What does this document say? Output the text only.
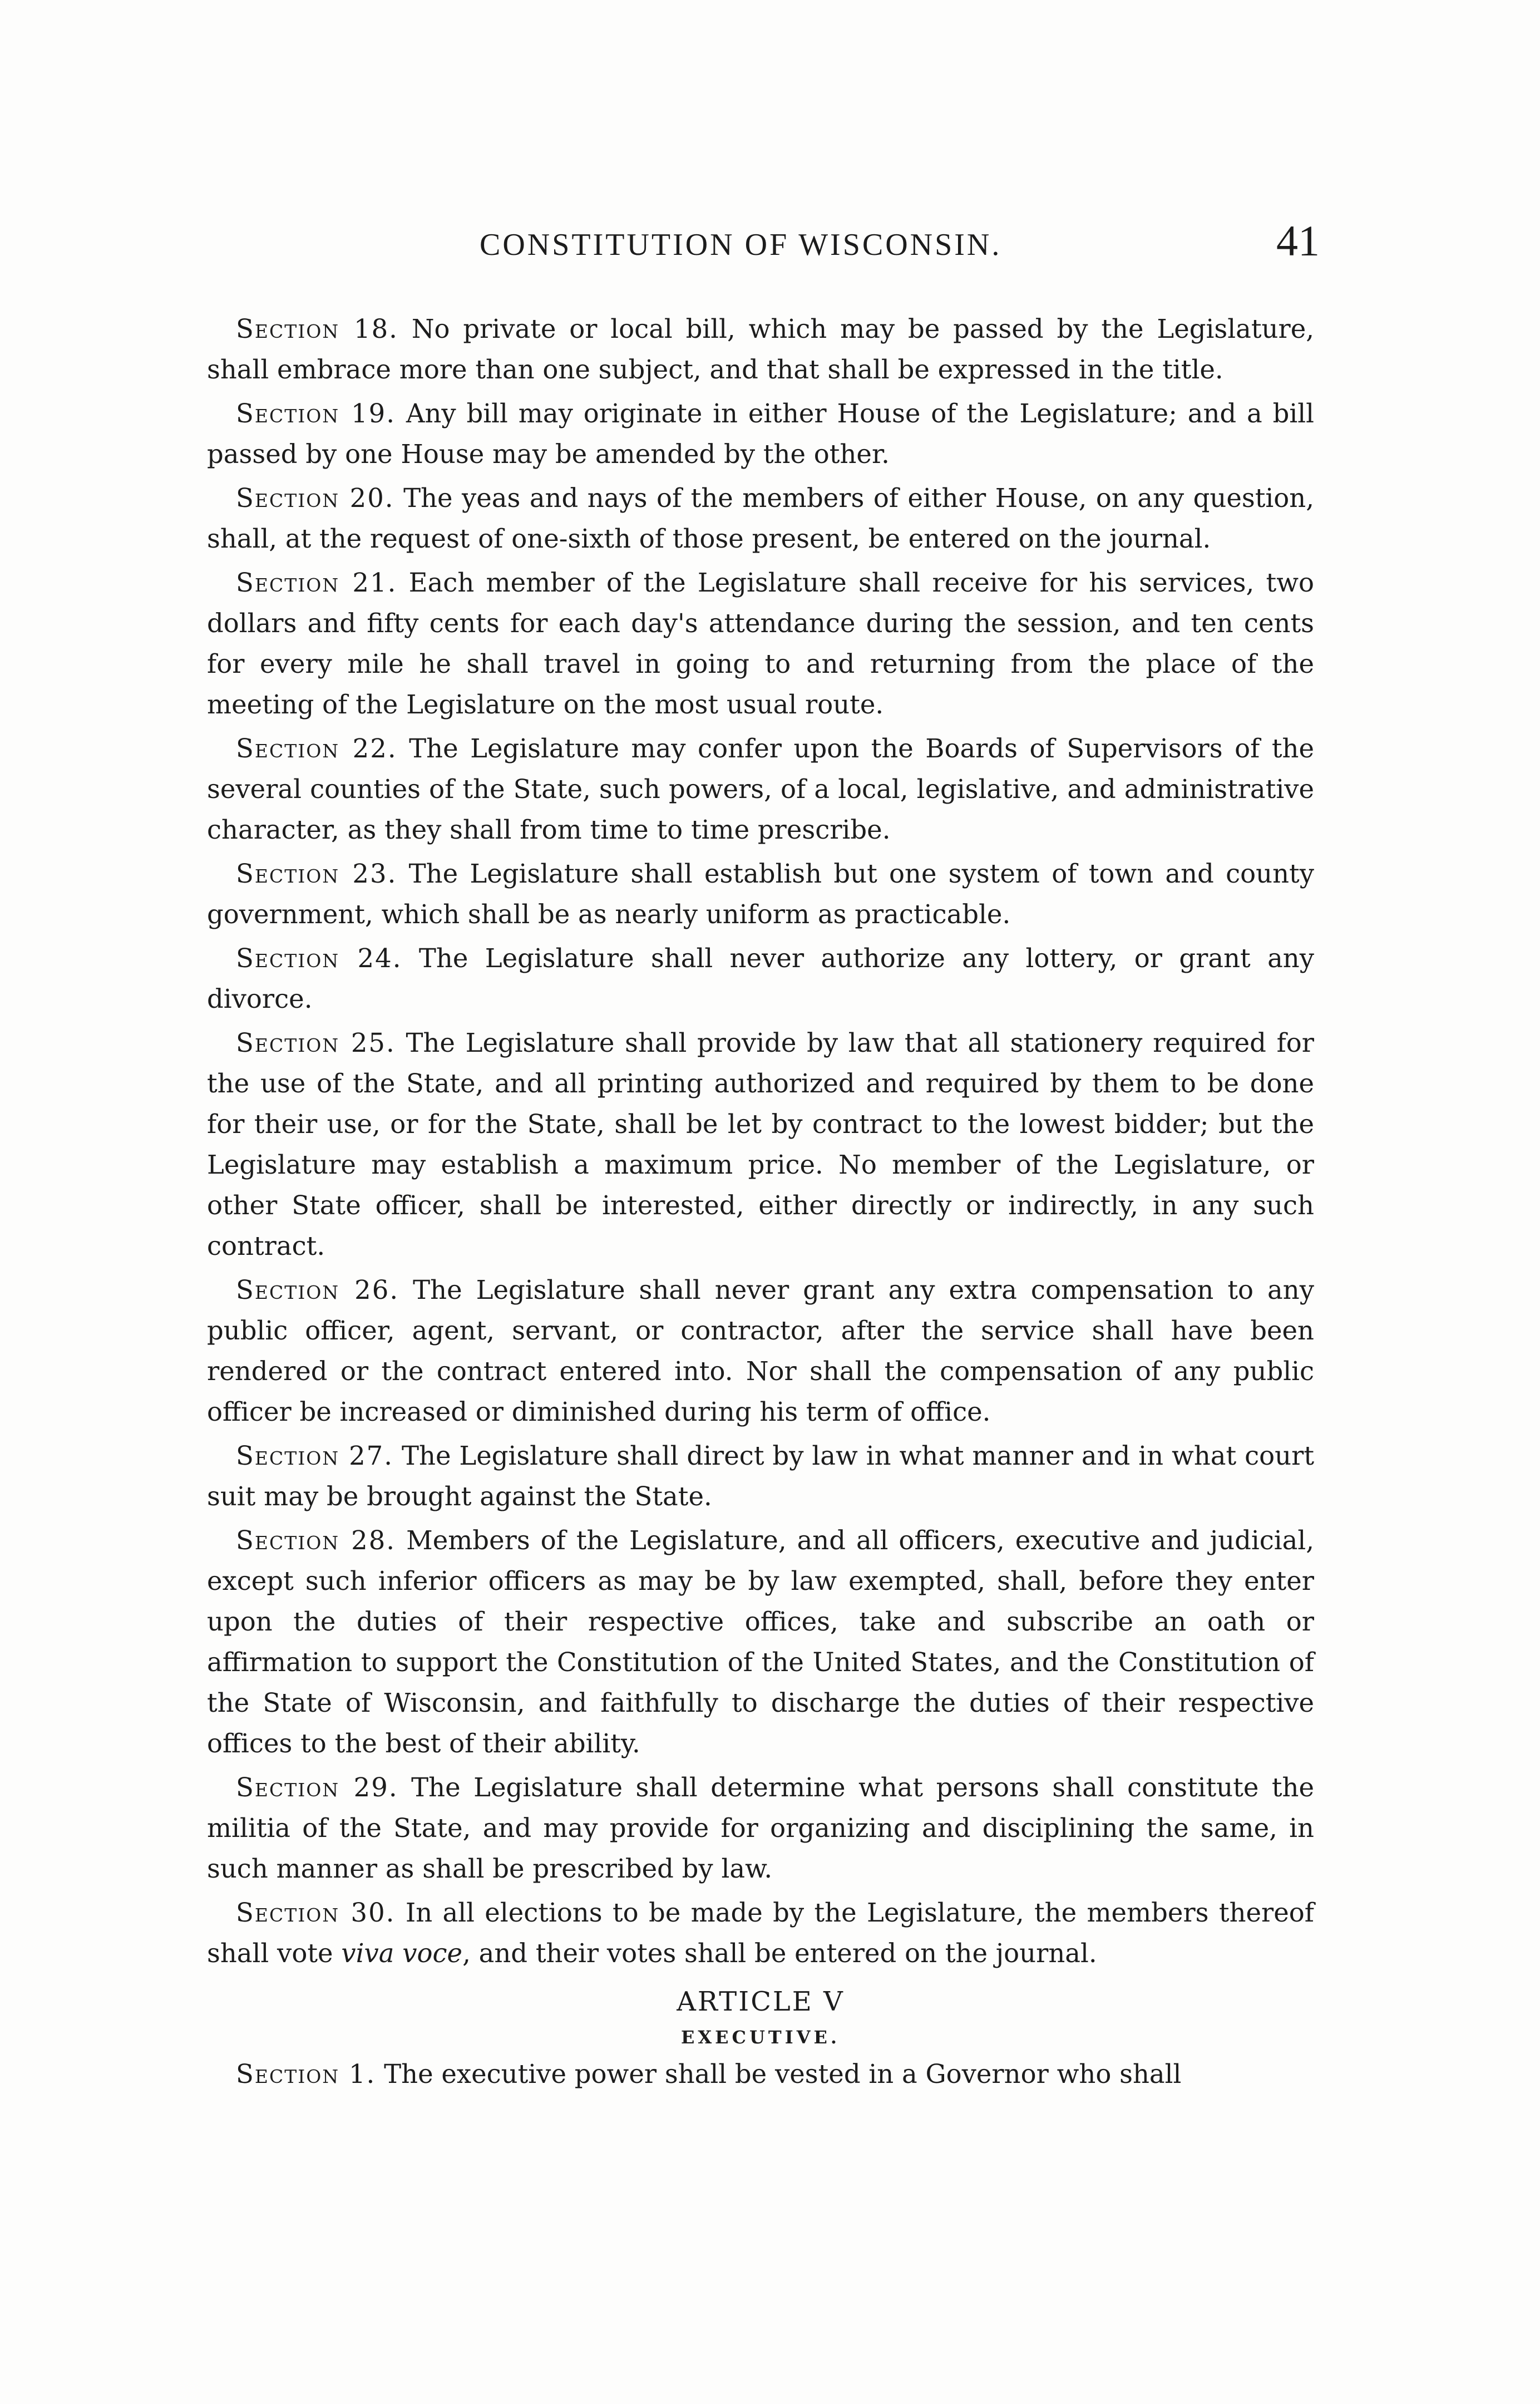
CONSTITUTION OF WISCONSIN.	41

Section 18. No private or local bill, which may be passed by the Legislature, shall embrace more than one subject, and that shall be expressed in the title.

Section 19. Any bill may originate in either House of the Legislature; and a bill passed by one House may be amended by the other.

Section 20. The yeas and nays of the members of either House, on any question, shall, at the request of one-sixth of those present, be entered on the journal.

Section 21. Each member of the Legislature shall receive for his services, two dollars and fifty cents for each day's attendance during the session, and ten cents for every mile he shall travel in going to and returning from the place of the meeting of the Legislature on the most usual route.

Section 22. The Legislature may confer upon the Boards of Supervisors of the several counties of the State, such powers, of a local, legislative, and administrative character, as they shall from time to time prescribe.

Section 23. The Legislature shall establish but one system of town and county government, which shall be as nearly uniform as practicable.

Section 24. The Legislature shall never authorize any lottery, or grant any divorce.

Section 25. The Legislature shall provide by law that all stationery required for the use of the State, and all printing authorized and required by them to be done for their use, or for the State, shall be let by contract to the lowest bidder; but the Legislature may establish a maximum price. No member of the Legislature, or other State officer, shall be interested, either directly or indirectly, in any such contract.

Section 26. The Legislature shall never grant any extra compensation to any public officer, agent, servant, or contractor, after the service shall have been rendered or the contract entered into. Nor shall the compensation of any public officer be increased or diminished during his term of office.

Section 27. The Legislature shall direct by law in what manner and in what court suit may be brought against the State.

Section 28. Members of the Legislature, and all officers, executive and judicial, except such inferior officers as may be by law exempted, shall, before they enter upon the duties of their respective offices, take and subscribe an oath or affirmation to support the Constitution of the United States, and the Constitution of the State of Wisconsin, and faithfully to discharge the duties of their respective offices to the best of their ability.

Section 29. The Legislature shall determine what persons shall constitute the militia of the State, and may provide for organizing and disciplining the same, in such manner as shall be prescribed by law.

Section 30. In all elections to be made by the Legislature, the members thereof shall vote viva voce, and their votes shall be entered on the journal.

ARTICLE V
EXECUTIVE.

Section 1. The executive power shall be vested in a Governor who shall
